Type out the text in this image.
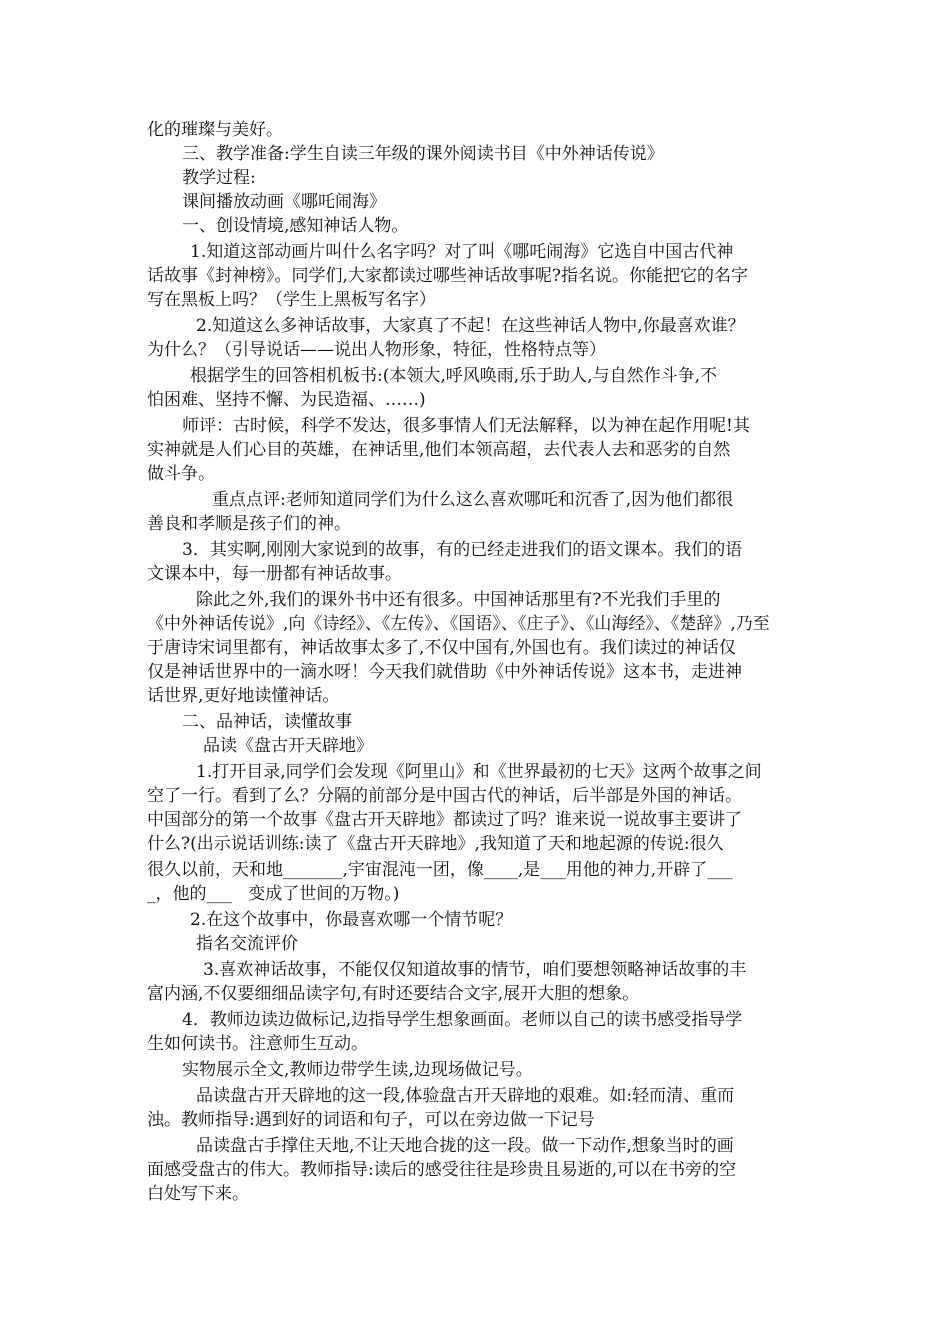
化的璀璨与美好。
三、教学准备:学生自读三年级的课外阅读书目《中外神话传说》
教学过程:
课间播放动画《哪吒闹海》
一、创设情境,感知神话人物。
1.知道这部动画片叫什么名字吗？对了叫《哪吒闹海》它选自中国古代神
话故事《封神榜》。同学们,大家都读过哪些神话故事呢?指名说。你能把它的名字
写在黑板上吗？（学生上黑板写名字）
2.知道这么多神话故事，大家真了不起！在这些神话人物中,你最喜欢谁？
为什么？（引导说话——说出人物形象，特征，性格特点等）
根据学生的回答相机板书:(本领大,呼风唤雨,乐于助人,与自然作斗争,不
怕困难、坚持不懈、为民造福、……)
师评：古时候，科学不发达，很多事情人们无法解释，以为神在起作用呢!其
实神就是人们心目的英雄，在神话里,他们本领高超，去代表人去和恶劣的自然
做斗争。
重点点评:老师知道同学们为什么这么喜欢哪吒和沉香了,因为他们都很
善良和孝顺是孩子们的神。
3．其实啊,刚刚大家说到的故事，有的已经走进我们的语文课本。我们的语
文课本中，每一册都有神话故事。
除此之外,我们的课外书中还有很多。中国神话那里有?不光我们手里的
《中外神话传说》,向《诗经》、《左传》、《国语》、《庄子》、《山海经》、《楚辞》,乃至
于唐诗宋词里都有，神话故事太多了,不仅中国有,外国也有。我们读过的神话仅
仅是神话世界中的一滴水呀！今天我们就借助《中外神话传说》这本书，走进神
话世界,更好地读懂神话。
二、品神话，读懂故事
品读《盘古开天辟地》
1.打开目录,同学们会发现《阿里山》和《世界最初的七天》这两个故事之间
空了一行。看到了么？分隔的前部分是中国古代的神话，后半部是外国的神话。
中国部分的第一个故事《盘古开天辟地》都读过了吗？谁来说一说故事主要讲了
什么?(出示说话训练:读了《盘古开天辟地》,我知道了天和地起源的传说:很久
很久以前，天和地_______,宇宙混沌一团，像____,是___用他的神力,开辟了___
_，他的___   变成了世间的万物。)
2.在这个故事中，你最喜欢哪一个情节呢？
指名交流评价
3.喜欢神话故事，不能仅仅知道故事的情节，咱们要想领略神话故事的丰
富内涵,不仅要细细品读字句,有时还要结合文字,展开大胆的想象。
4．教师边读边做标记,边指导学生想象画面。老师以自己的读书感受指导学
生如何读书。注意师生互动。
实物展示全文,教师边带学生读,边现场做记号。
品读盘古开天辟地的这一段,体验盘古开天辟地的艰难。如:轻而清、重而
浊。教师指导:遇到好的词语和句子，可以在旁边做一下记号
品读盘古手撑住天地,不让天地合拢的这一段。做一下动作,想象当时的画
面感受盘古的伟大。教师指导:读后的感受往往是珍贵且易逝的,可以在书旁的空
白处写下来。
